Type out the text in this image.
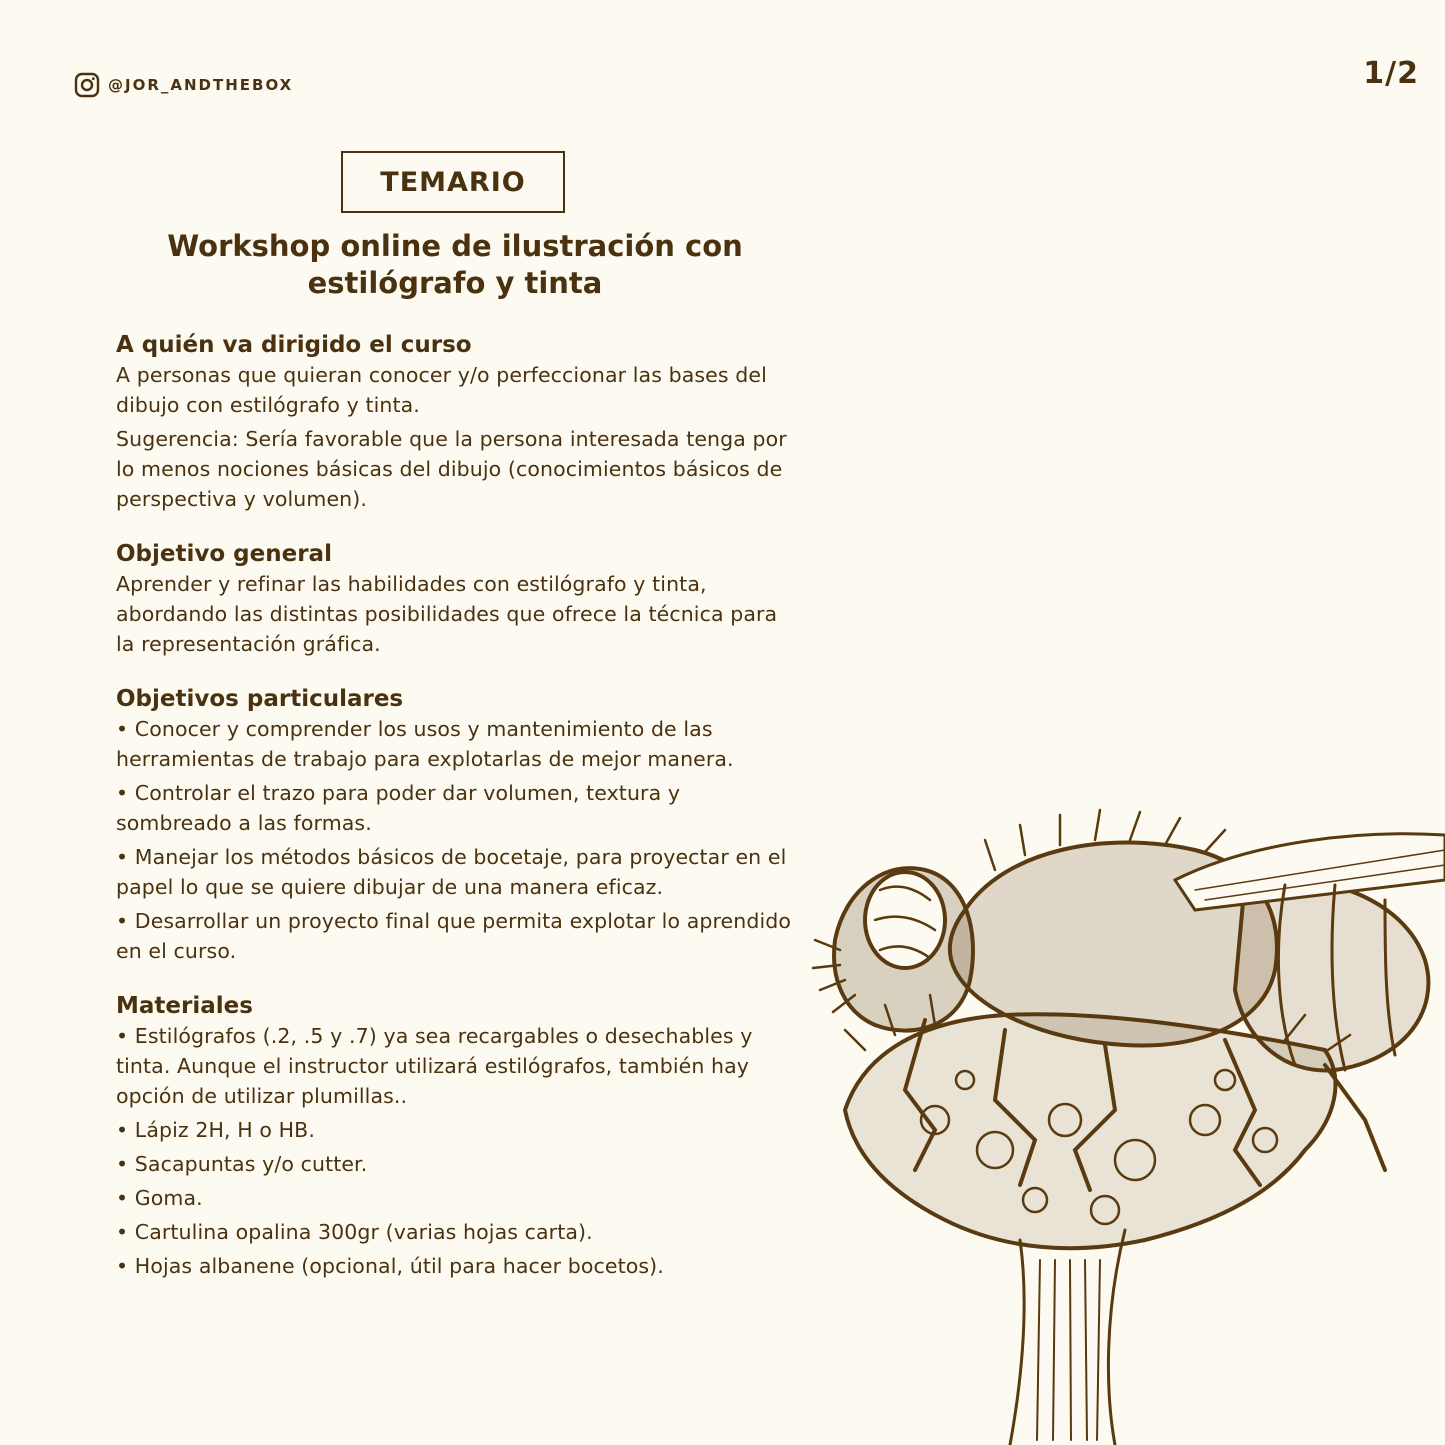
@JOR_ANDTHEBOX	1/2
TEMARIO
Workshop online de ilustración con estilógrafo y tinta
A quién va dirigido el curso

A personas que quieran conocer y/o perfeccionar las bases del dibujo con estilógrafo y tinta.

Sugerencia: Sería favorable que la persona interesada tenga por lo menos nociones básicas del dibujo (conocimientos básicos de perspectiva y volumen).

Objetivo general

Aprender y refinar las habilidades con estilógrafo y tinta, abordando las distintas posibilidades que ofrece la técnica para la representación gráfica.

Objetivos particulares

• Conocer y comprender los usos y mantenimiento de las herramientas de trabajo para explotarlas de mejor manera.

• Controlar el trazo para poder dar volumen, textura y sombreado a las formas.

• Manejar los métodos básicos de bocetaje, para proyectar en el papel lo que se quiere dibujar de una manera eficaz.

• Desarrollar un proyecto final que permita explotar lo aprendido en el curso.

Materiales

• Estilógrafos (.2, .5 y .7) ya sea recargables o desechables y tinta. Aunque el instructor utilizará estilógrafos, también hay opción de utilizar plumillas..

• Lápiz 2H, H o HB.

• Sacapuntas y/o cutter.

• Goma.

• Cartulina opalina 300gr (varias hojas carta).

• Hojas albanene (opcional, útil para hacer bocetos).
